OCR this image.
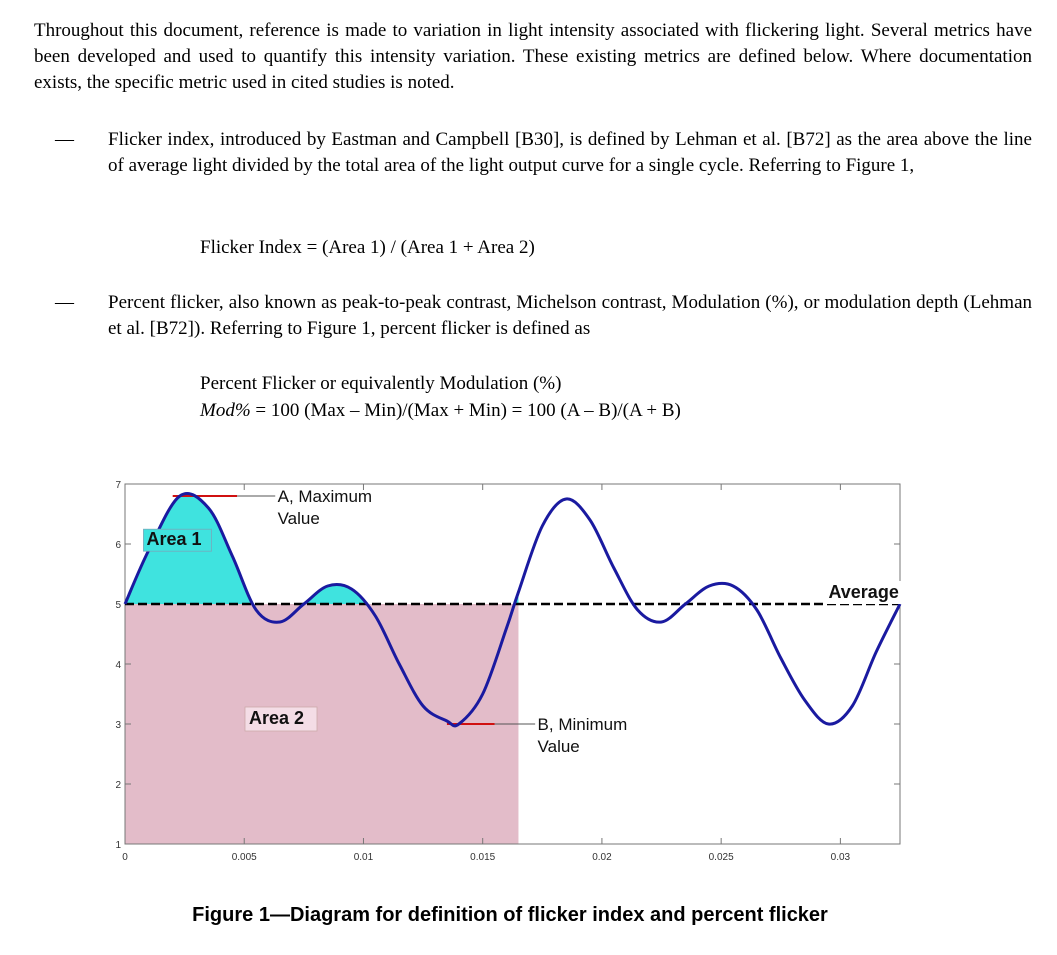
Throughout this document, reference is made to variation in light intensity associated with flickering light. Several metrics have been developed and used to quantify this intensity variation. These existing metrics are defined below. Where documentation exists, the specific metric used in cited studies is noted.

— Flicker index, introduced by Eastman and Campbell [B30], is defined by Lehman et al. [B72] as the area above the line of average light divided by the total area of the light output curve for a single cycle. Referring to Figure 1,

Flicker Index = (Area 1) / (Area 1 + Area 2)

— Percent flicker, also known as peak-to-peak contrast, Michelson contrast, Modulation (%), or modulation depth (Lehman et al. [B72]). Referring to Figure 1, percent flicker is defined as

Percent Flicker or equivalently Modulation (%)

Mod% = 100 (Max – Min)/(Max + Min) = 100 (A – B)/(A + B)

0	0.005	0.01	0.015	0.02	0.025	0.03
1
2
3
4
5
6
7
A, Maximum
Value
B, Minimum
Value
Area 1
Area 2
Average
Figure 1—Diagram for definition of flicker index and percent flicker
